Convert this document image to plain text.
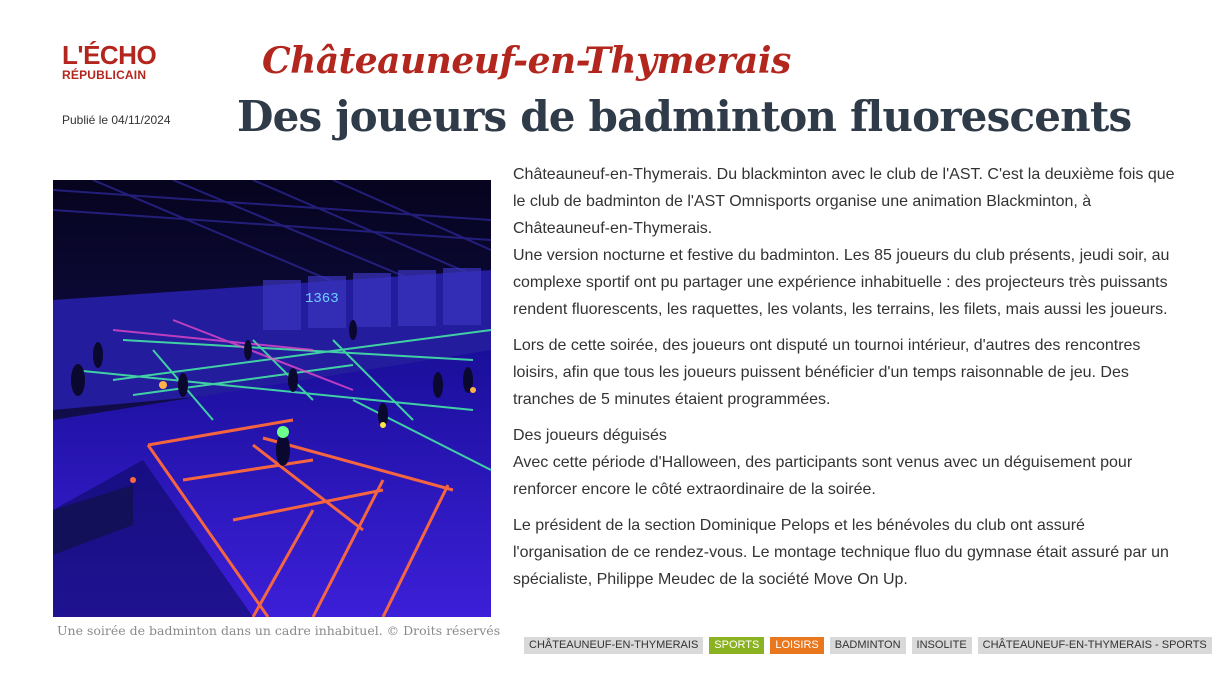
L'ÉCHO
RÉPUBLICAIN
Publié le 04/11/2024
Châteauneuf-en-Thymerais
Des joueurs de badminton fluorescents
1363
Une soirée de badminton dans un cadre inhabituel. © Droits réservés

Châteauneuf-en-Thymerais. Du blackminton avec le club de l'AST. C'est la deuxième fois que le club de badminton de l'AST Omnisports organise une animation Blackminton, à Châteauneuf-en-Thymerais.

Une version nocturne et festive du badminton. Les 85 joueurs du club présents, jeudi soir, au complexe sportif ont pu partager une expérience inhabituelle : des projecteurs très puissants rendent fluorescents, les raquettes, les volants, les terrains, les filets, mais aussi les joueurs.

Lors de cette soirée, des joueurs ont disputé un tournoi intérieur, d'autres des rencontres loisirs, afin que tous les joueurs puissent bénéficier d'un temps raisonnable de jeu. Des tranches de 5 minutes étaient programmées.

Des joueurs déguisés

Avec cette période d'Halloween, des participants sont venus avec un déguisement pour renforcer encore le côté extraordinaire de la soirée.

Le président de la section Dominique Pelops et les bénévoles du club ont assuré l'organisation de ce rendez-vous. Le montage technique fluo du gymnase était assuré par un spécialiste, Philippe Meudec de la société Move On Up.

CHÂTEAUNEUF-EN-THYMERAIS	SPORTS	LOISIRS	BADMINTON	INSOLITE	CHÂTEAUNEUF-EN-THYMERAIS - SPORTS
